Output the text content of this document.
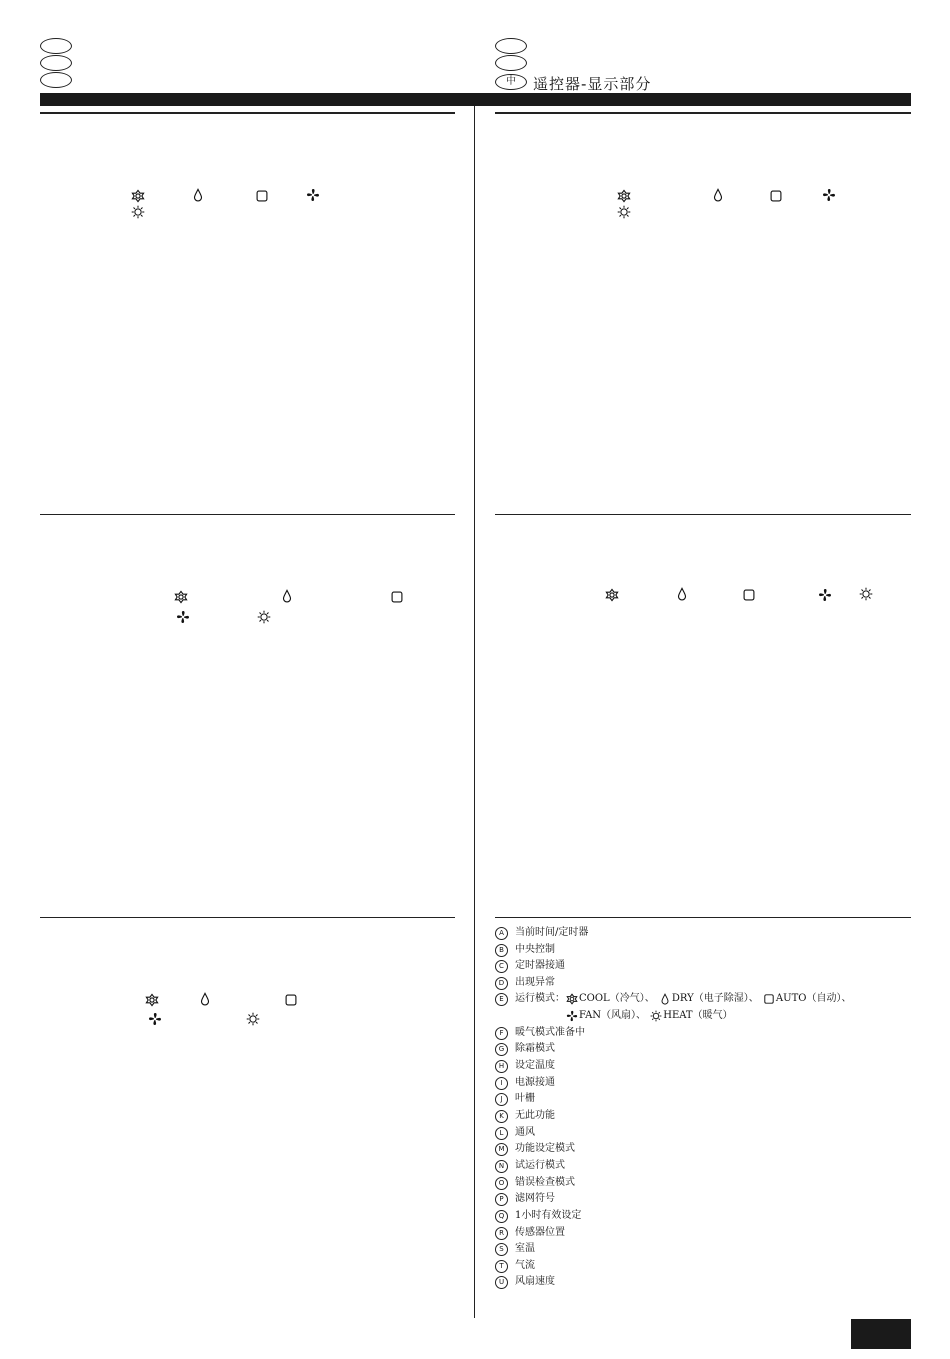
中	遥控器-显示部分
A	当前时间/定时器
B	中央控制
C	定时器接通
D	出现异常
E	运行模式： COOL（冷气）、 DRY（电子除湿）、 AUTO（自动）、
FAN（风扇）、 HEAT（暖气）
F	暖气模式准备中
G	除霜模式
H	设定温度
I	电源接通
J	叶栅
K	无此功能
L	通风
M	功能设定模式
N	试运行模式
O	错误检查模式
P	滤网符号
Q	1小时有效设定
R	传感器位置
S	室温
T	气流
U	风扇速度
